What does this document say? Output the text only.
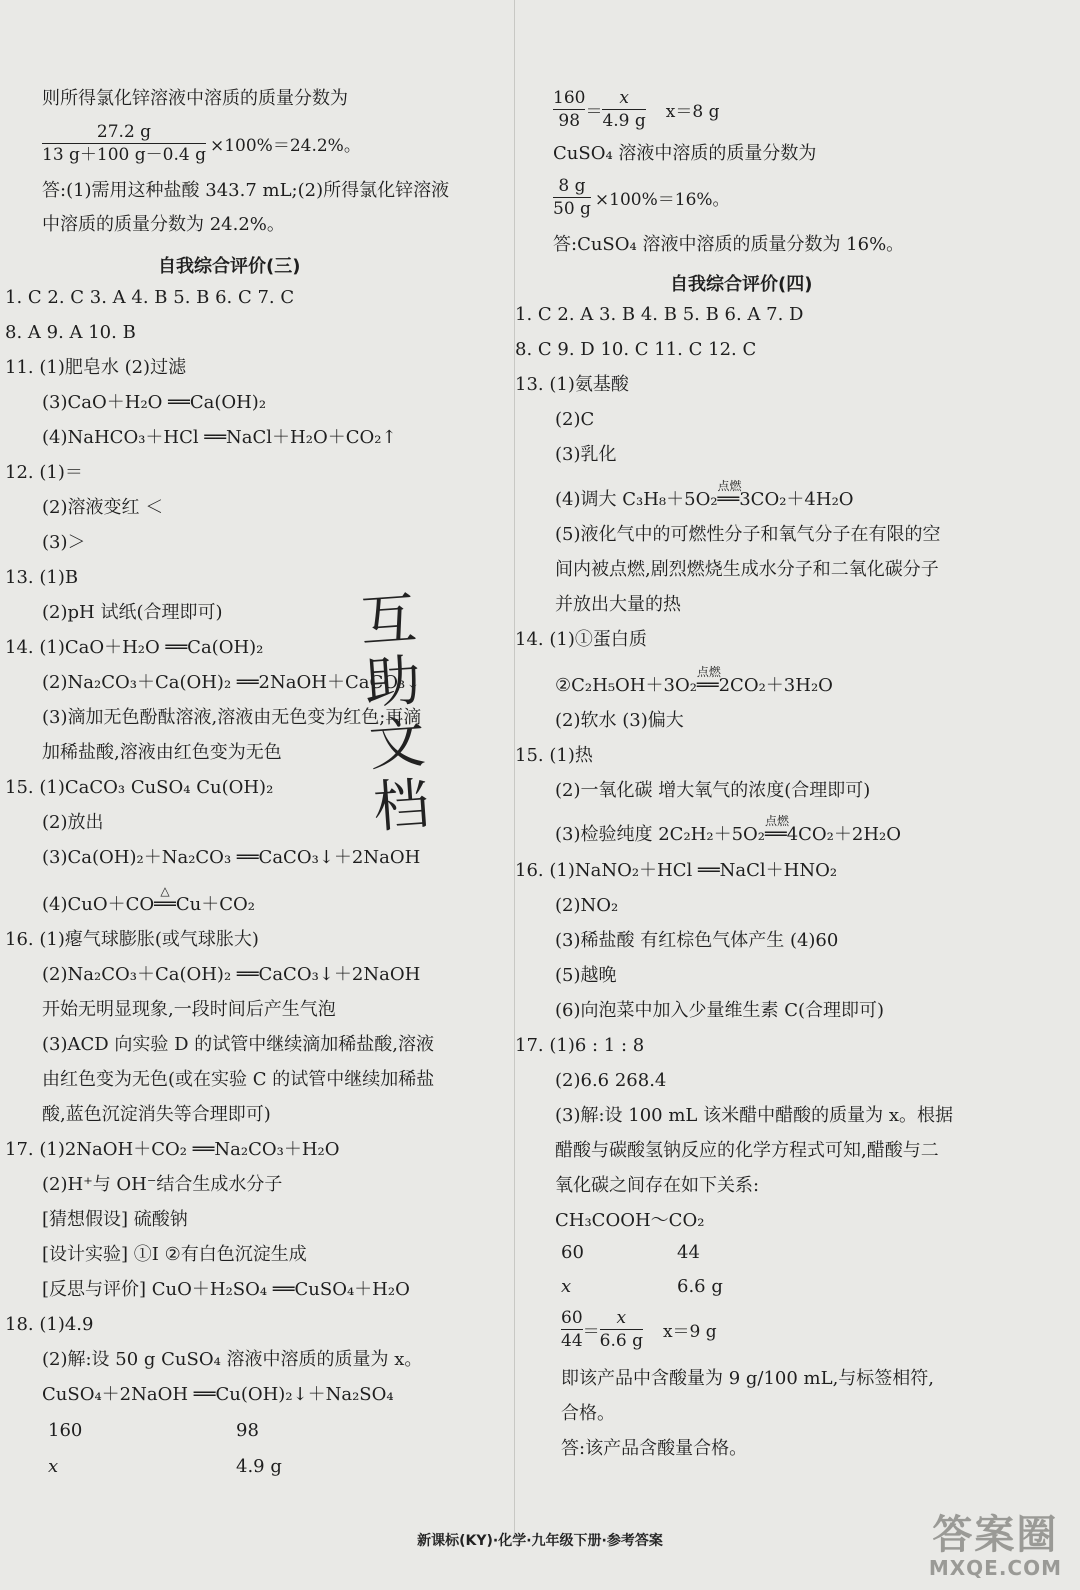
则所得氯化锌溶液中溶质的质量分数为
$\frac{27.2 g}{13 g+100 g-0.4 g} \times 100\%=24.2\%$。
答:(1)需用这种盐酸 343.7 mL;(2)所得氯化锌溶液
中溶质的质量分数为 24.2%。
自我综合评价(三)
1. C 2. C 3. A 4. B 5. B 6. C 7. C
8. A 9. A 10. B
11. (1)肥皂水 (2)过滤
(3)CaO＋H₂O ══Ca(OH)₂
(4)NaHCO₃＋HCl ══NaCl＋H₂O＋CO₂↑
12. (1)＝
(2)溶液变红 ＜
(3)＞
13. (1)B
(2)pH 试纸(合理即可)
14. (1)CaO＋H₂O ══Ca(OH)₂
(2)Na₂CO₃＋Ca(OH)₂ ══2NaOH＋CaCO₃↓
(3)滴加无色酚酞溶液,溶液由无色变为红色;再滴
加稀盐酸,溶液由红色变为无色
15. (1)CaCO₃ CuSO₄ Cu(OH)₂
(2)放出
(3)Ca(OH)₂＋Na₂CO₃ ══CaCO₃↓＋2NaOH
(4)CuO＋CO
△
══Cu＋CO₂
16. (1)瘪气球膨胀(或气球胀大)
(2)Na₂CO₃＋Ca(OH)₂ ══CaCO₃↓＋2NaOH
开始无明显现象,一段时间后产生气泡
(3)ACD 向实验 D 的试管中继续滴加稀盐酸,溶液
由红色变为无色(或在实验 C 的试管中继续加稀盐
酸,蓝色沉淀消失等合理即可)
17. (1)2NaOH＋CO₂ ══Na₂CO₃＋H₂O
(2)H⁺与 OH⁻结合生成水分子
[猜想假设] 硫酸钠
[设计实验] ①I ②有白色沉淀生成
[反思与评价] CuO＋H₂SO₄ ══CuSO₄＋H₂O
18. (1)4.9
(2)解:设 50 g CuSO₄ 溶液中溶质的质量为 x。
CuSO₄＋2NaOH ══Cu(OH)₂↓＋Na₂SO₄
160	98
x	4.9 g
互
助
文
档
$\frac{160}{98} = \frac{x}{4.9 g} x=8$ g
CuSO₄ 溶液中溶质的质量分数为
$\frac{8 g}{50 g} \times 100\%=16\%$。
答:CuSO₄ 溶液中溶质的质量分数为 16%。
自我综合评价(四)
1. C 2. A 3. B 4. B 5. B 6. A 7. D
8. C 9. D 10. C 11. C 12. C
13. (1)氨基酸
(2)C
(3)乳化
(4)调大 C₃H₈＋5O₂
点燃
══3CO₂＋4H₂O
(5)液化气中的可燃性分子和氧气分子在有限的空
间内被点燃,剧烈燃烧生成水分子和二氧化碳分子
并放出大量的热
14. (1)①蛋白质
②C₂H₅OH＋3O₂
点燃
══2CO₂＋3H₂O
(2)软水 (3)偏大
15. (1)热
(2)一氧化碳 增大氧气的浓度(合理即可)
(3)检验纯度 2C₂H₂＋5O₂
点燃
══4CO₂＋2H₂O
16. (1)NaNO₂＋HCl ══NaCl＋HNO₂
(2)NO₂
(3)稀盐酸 有红棕色气体产生 (4)60
(5)越晚
(6)向泡菜中加入少量维生素 C(合理即可)
17. (1)6 : 1 : 8
(2)6.6 268.4
(3)解:设 100 mL 该米醋中醋酸的质量为 x。根据
醋酸与碳酸氢钠反应的化学方程式可知,醋酸与二
氧化碳之间存在如下关系:
CH₃COOH～CO₂
60	44
x	6.6 g
$\frac{60}{44} = \frac{x}{6.6 g} x=9$ g
即该产品中含酸量为 9 g/100 mL,与标签相符,
合格。
答:该产品含酸量合格。
新课标(KY)·化学·九年级下册·参考答案	答案圈
MXQE.COM
